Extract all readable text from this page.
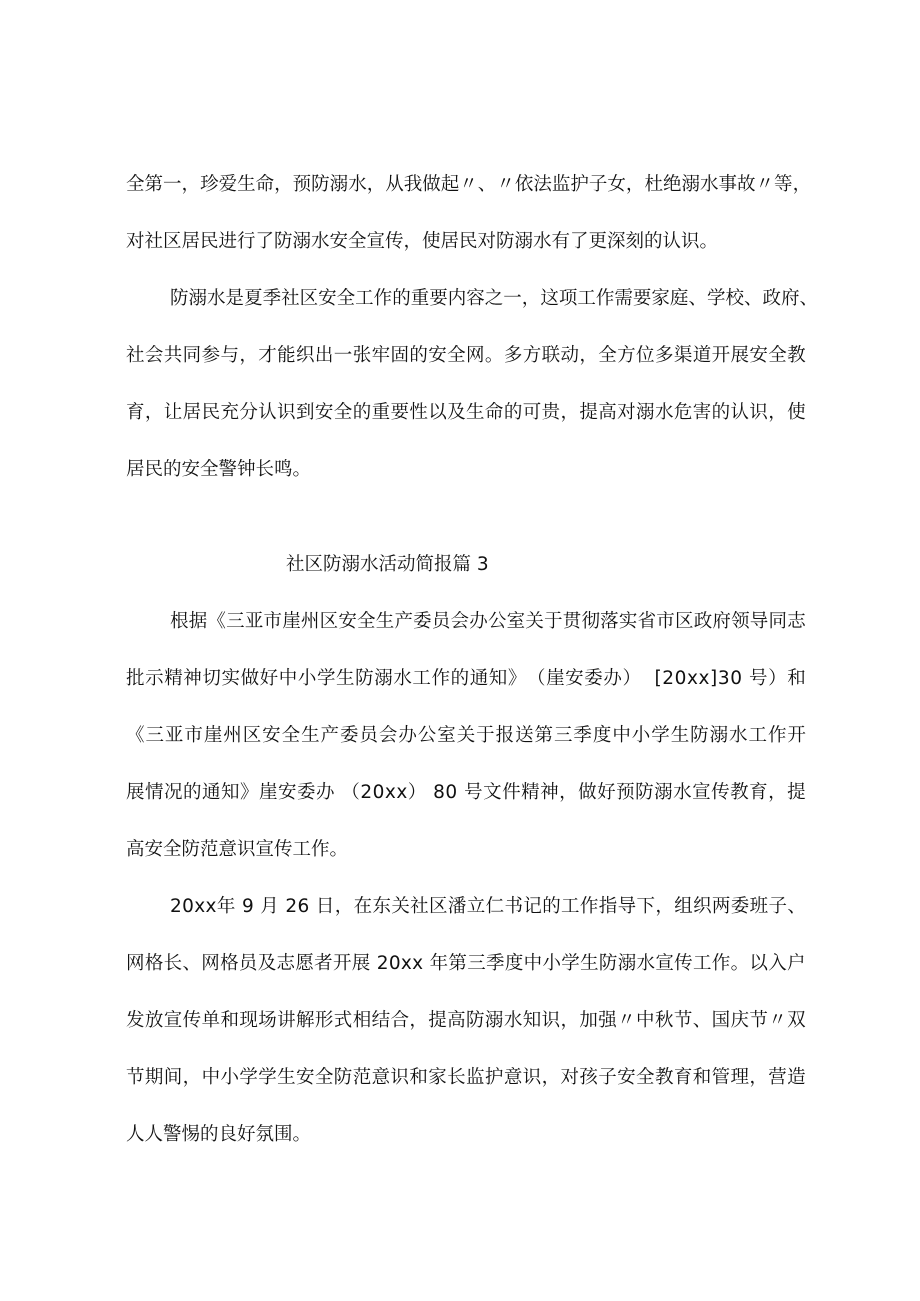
全 第 一 ， 珍 爱 生 命 ， 预 防 溺 水 ， 从 我 做 起 〃 、 〃 依 法 监 护 子 女 ， 杜 绝 溺 水 事 故 〃 等 ，
对社区居民进行了防溺水安全宣传，使居民对防溺水有了更深刻的认识。
防 溺 水 是 夏 季 社 区 安 全 工 作 的 重 要 内 容 之 一 ， 这 项 工 作 需 要 家 庭 、 学 校 、 政 府 、
社 会 共 同 参 与 ， 才 能 织 出 一 张 牢 固 的 安 全 网 。 多 方 联 动 ， 全 方 位 多 渠 道 开 展 安 全 教
育 ， 让 居 民 充 分 认 识 到 安 全 的 重 要 性 以 及 生 命 的 可 贵 ， 提 高 对 溺 水 危 害 的 认 识 ， 使
居民的安全警钟长鸣。
社区防溺水活动简报篇 3
根 据 《 三 亚 市 崖 州 区 安 全 生 产 委 员 会 办 公 室 关 于 贯 彻 落 实 省 市 区 政 府 领 导 同 志
批 示 精 神 切 实 做 好 中 小 学 生 防 溺 水 工 作 的 通 知 》 （ 崖 安 委 办 ）

[ 2 0 x x ] 3 0
号 ） 和
《 三 亚 市 崖 州 区 安 全 生 产 委 员 会 办 公 室 关 于 报 送 第 三 季 度 中 小 学 生 防 溺 水 工 作 开
展 情 况 的 通 知 》 崖 安 委 办
（ 2 0 x x ）
8 0
号 文 件 精 神 ， 做 好 预 防 溺 水 宣 传 教 育 ， 提
高安全防范意识宣传工作。
2 0 x x 年
9
月
2 6
日 ， 在 东 关 社 区 潘 立 仁 书 记 的 工 作 指 导 下 ， 组 织 两 委 班 子 、
网 格 长 、 网 格 员 及 志 愿 者 开 展
2 0 x x
年 第 三 季 度 中 小 学 生 防 溺 水 宣 传 工 作 。 以 入 户
发 放 宣 传 单 和 现 场 讲 解 形 式 相 结 合 ， 提 高 防 溺 水 知 识 ， 加 强 〃 中 秋 节 、 国 庆 节 〃 双
节 期 间 ， 中 小 学 学 生 安 全 防 范 意 识 和 家 长 监 护 意 识 ， 对 孩 子 安 全 教 育 和 管 理 ， 营 造
人人警惕的良好氛围。
